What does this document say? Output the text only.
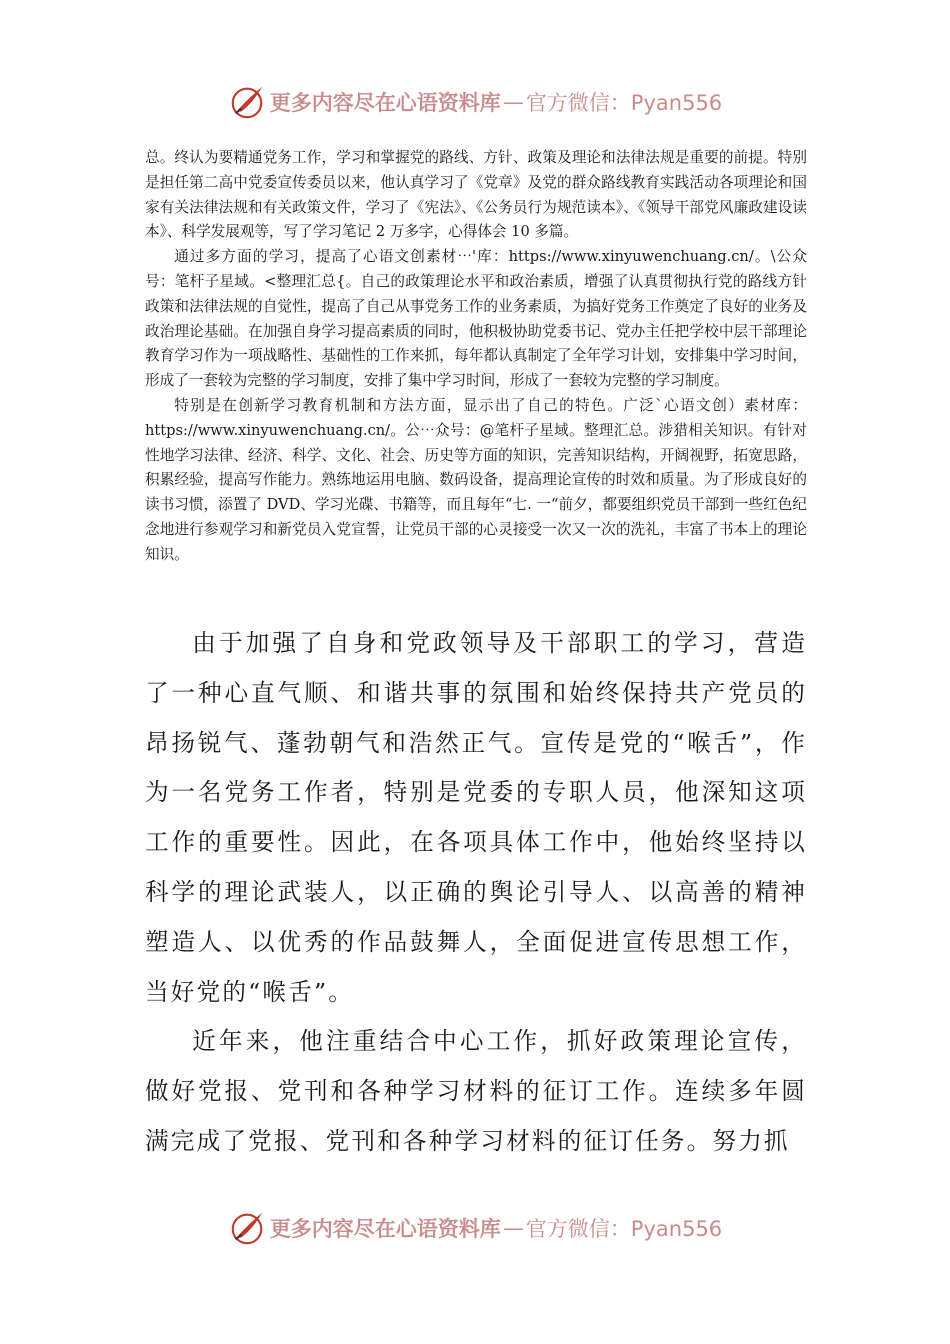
更多内容尽在心语资料库 — 官方微信：Pyan556

总。终认为要精通党务工作，学习和掌握党的路线、方针、政策及理论和法律法规是重要的前提。特别是担任第二高中党委宣传委员以来，他认真学习了《党章》及党的群众路线教育实践活动各项理论和国家有关法律法规和有关政策文件，学习了《宪法》、《公务员行为规范读本》、《领导干部党风廉政建设读本》、科学发展观等，写了学习笔记 2 万多字，心得体会 10 多篇。

通过多方面的学习，提高了心语文创素材⋯'库：https://www.xinyuwenchuang.cn/。\公众号：笔杆子星域。<整理汇总{。自己的政策理论水平和政治素质，增强了认真贯彻执行党的路线方针政策和法律法规的自觉性，提高了自己从事党务工作的业务素质，为搞好党务工作奠定了良好的业务及政治理论基础。在加强自身学习提高素质的同时，他积极协助党委书记、党办主任把学校中层干部理论教育学习作为一项战略性、基础性的工作来抓，每年都认真制定了全年学习计划，安排集中学习时间，形成了一套较为完整的学习制度，安排了集中学习时间，形成了一套较为完整的学习制度。

特别是在创新学习教育机制和方法方面，显示出了自己的特色。广泛`心语文创）素材库：https://www.xinyuwenchuang.cn/。公⋯众号：@笔杆子星域。整理汇总。涉猎相关知识。有针对性地学习法律、经济、科学、文化、社会、历史等方面的知识，完善知识结构，开阔视野，拓宽思路，积累经验，提高写作能力。熟练地运用电脑、数码设备，提高理论宣传的时效和质量。为了形成良好的读书习惯，添置了 DVD、学习光碟、书籍等，而且每年“七. 一“前夕，都要组织党员干部到一些红色纪念地进行参观学习和新党员入党宣誓，让党员干部的心灵接受一次又一次的洗礼，丰富了书本上的理论知识。

由于加强了自身和党政领导及干部职工的学习，营造了一种心直气顺、和谐共事的氛围和始终保持共产党员的昂扬锐气、蓬勃朝气和浩然正气。宣传是党的“喉舌”，作为一名党务工作者，特别是党委的专职人员，他深知这项工作的重要性。因此，在各项具体工作中，他始终坚持以科学的理论武装人，以正确的舆论引导人、以高善的精神塑造人、以优秀的作品鼓舞人，全面促进宣传思想工作，当好党的“喉舌”。

近年来，他注重结合中心工作，抓好政策理论宣传，做好党报、党刊和各种学习材料的征订工作。连续多年圆满完成了党报、党刊和各种学习材料的征订任务。努力抓

更多内容尽在心语资料库 — 官方微信：Pyan556
